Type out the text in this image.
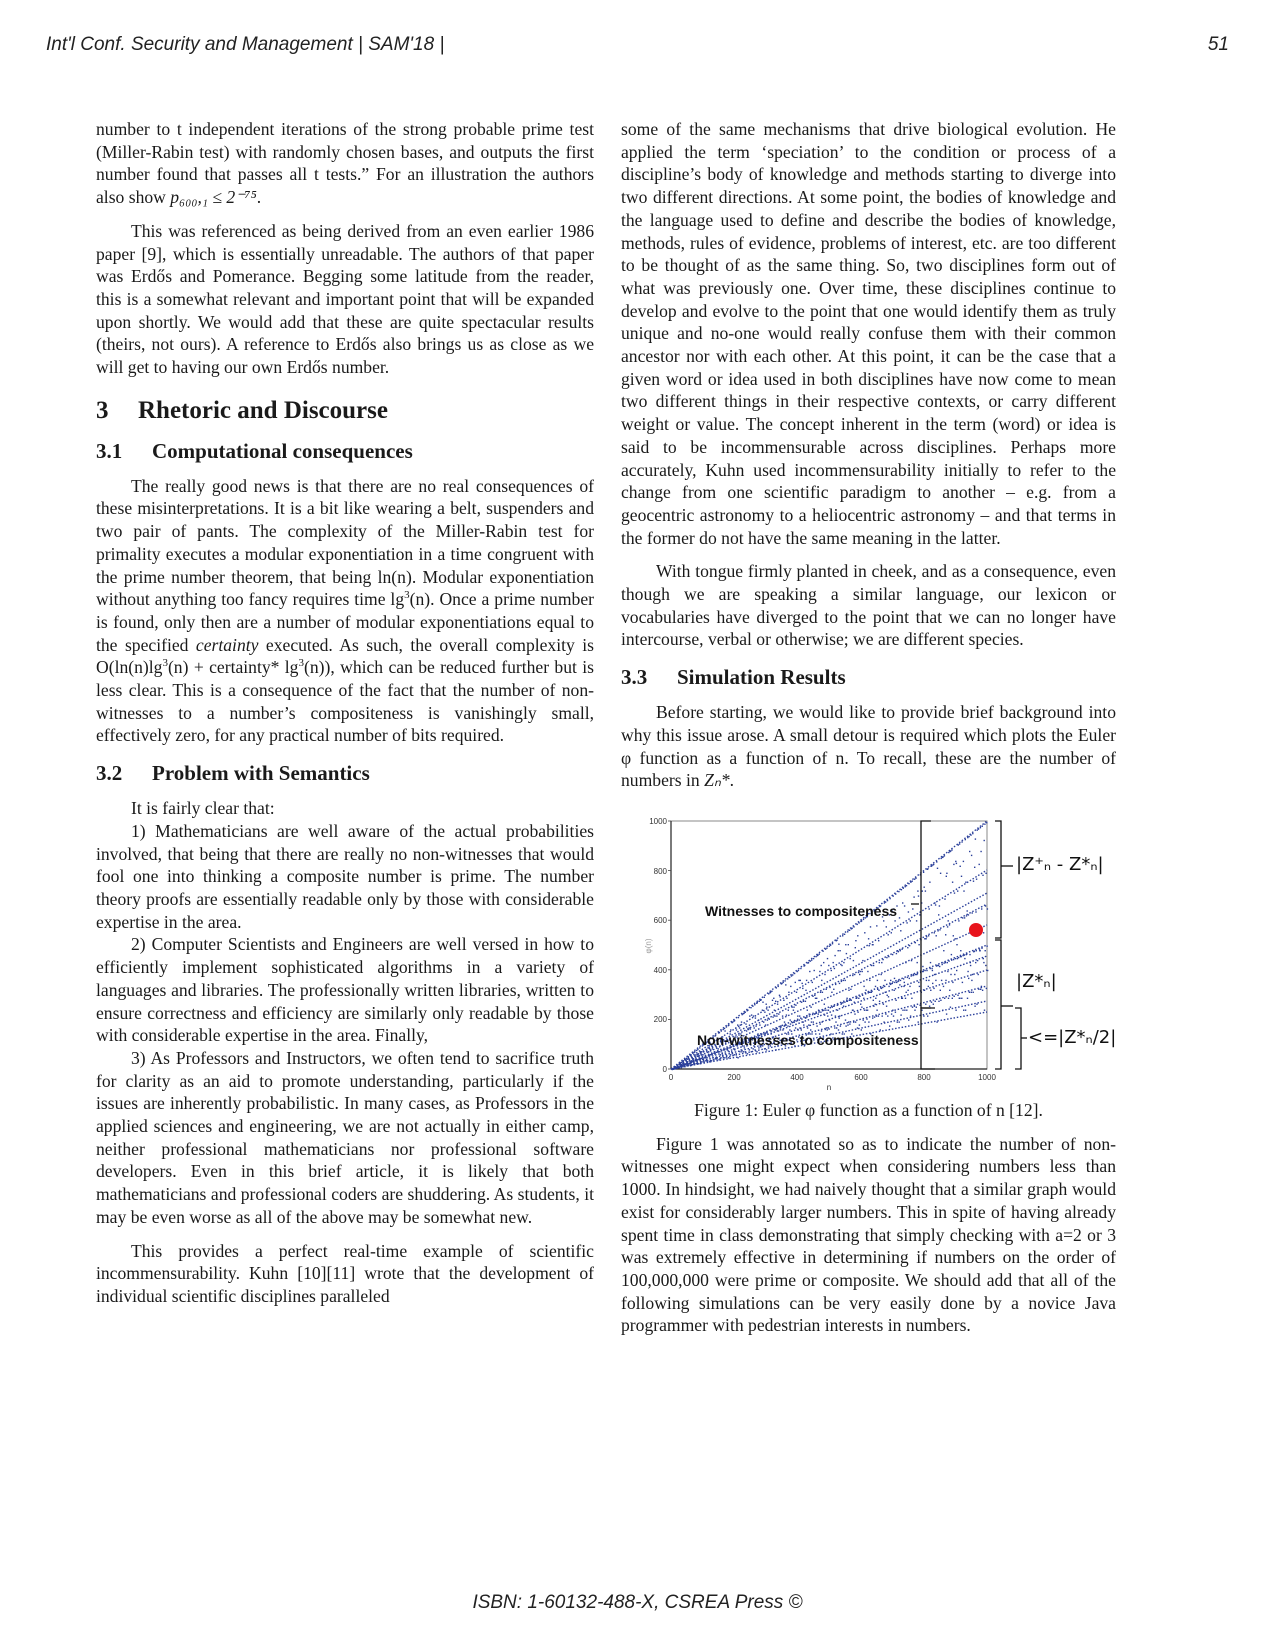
Int'l Conf. Security and Management | SAM'18 |	51

number to t independent iterations of the strong probable prime test (Miller-Rabin test) with randomly chosen bases, and outputs the first number found that passes all t tests.” For an illustration the authors also show p₆₀₀,₁ ≤ 2⁻⁷⁵.

This was referenced as being derived from an even earlier 1986 paper [9], which is essentially unreadable. The authors of that paper was Erdős and Pomerance. Begging some latitude from the reader, this is a somewhat relevant and important point that will be expanded upon shortly. We would add that these are quite spectacular results (theirs, not ours). A reference to Erdős also brings us as close as we will get to having our own Erdős number.

3 Rhetoric and Discourse
3.1 Computational consequences

The really good news is that there are no real consequences of these misinterpretations. It is a bit like wearing a belt, suspenders and two pair of pants. The complexity of the Miller-Rabin test for primality executes a modular exponentiation in a time congruent with the prime number theorem, that being ln(n). Modular exponentiation without anything too fancy requires time $\lg^3(n)$. Once a prime number is found, only then are a number of modular exponentiations equal to the specified certainty executed. As such, the overall complexity is $O(\ln(n)\lg^3(n)$ + certainty* $\lg^3(n)$), which can be reduced further but is less clear. This is a consequence of the fact that the number of non-witnesses to a number’s compositeness is vanishingly small, effectively zero, for any practical number of bits required.

3.2 Problem with Semantics

It is fairly clear that:

1) Mathematicians are well aware of the actual probabilities involved, that being that there are really no non-witnesses that would fool one into thinking a composite number is prime. The number theory proofs are essentially readable only by those with considerable expertise in the area.

2) Computer Scientists and Engineers are well versed in how to efficiently implement sophisticated algorithms in a variety of languages and libraries. The professionally written libraries, written to ensure correctness and efficiency are similarly only readable by those with considerable expertise in the area. Finally,

3) As Professors and Instructors, we often tend to sacrifice truth for clarity as an aid to promote understanding, particularly if the issues are inherently probabilistic. In many cases, as Professors in the applied sciences and engineering, we are not actually in either camp, neither professional mathematicians nor professional software developers. Even in this brief article, it is likely that both mathematicians and professional coders are shuddering. As students, it may be even worse as all of the above may be somewhat new.

This provides a perfect real-time example of scientific incommensurability. Kuhn [10][11] wrote that the development of individual scientific disciplines paralleled

some of the same mechanisms that drive biological evolution. He applied the term ‘speciation’ to the condition or process of a discipline’s body of knowledge and methods starting to diverge into two different directions. At some point, the bodies of knowledge and the language used to define and describe the bodies of knowledge, methods, rules of evidence, problems of interest, etc. are too different to be thought of as the same thing. So, two disciplines form out of what was previously one. Over time, these disciplines continue to develop and evolve to the point that one would identify them as truly unique and no-one would really confuse them with their common ancestor nor with each other. At this point, it can be the case that a given word or idea used in both disciplines have now come to mean two different things in their respective contexts, or carry different weight or value. The concept inherent in the term (word) or idea is said to be incommensurable across disciplines. Perhaps more accurately, Kuhn used incommensurability initially to refer to the change from one scientific paradigm to another – e.g. from a geocentric astronomy to a heliocentric astronomy – and that terms in the former do not have the same meaning in the latter.

With tongue firmly planted in cheek, and as a consequence, even though we are speaking a similar language, our lexicon or vocabularies have diverged to the point that we can no longer have intercourse, verbal or otherwise; we are different species.

3.3 Simulation Results

Before starting, we would like to provide brief background into why this issue arose. A small detour is required which plots the Euler φ function as a function of n. To recall, these are the number of numbers in Zₙ*.

0
200
400
600
800
1000
0	200	400	600	800	1000
n
φ(n)
Witnesses to compositeness
Non-witnesses to compositeness
|Z⁺ₙ - Z*ₙ|
|Z*ₙ|
<=|Z*ₙ/2|

Figure 1: Euler φ function as a function of n [12].

Figure 1 was annotated so as to indicate the number of non-witnesses one might expect when considering numbers less than 1000. In hindsight, we had naively thought that a similar graph would exist for considerably larger numbers. This in spite of having already spent time in class demonstrating that simply checking with a=2 or 3 was extremely effective in determining if numbers on the order of 100,000,000 were prime or composite. We should add that all of the following simulations can be very easily done by a novice Java programmer with pedestrian interests in numbers.

ISBN: 1-60132-488-X, CSREA Press ©
